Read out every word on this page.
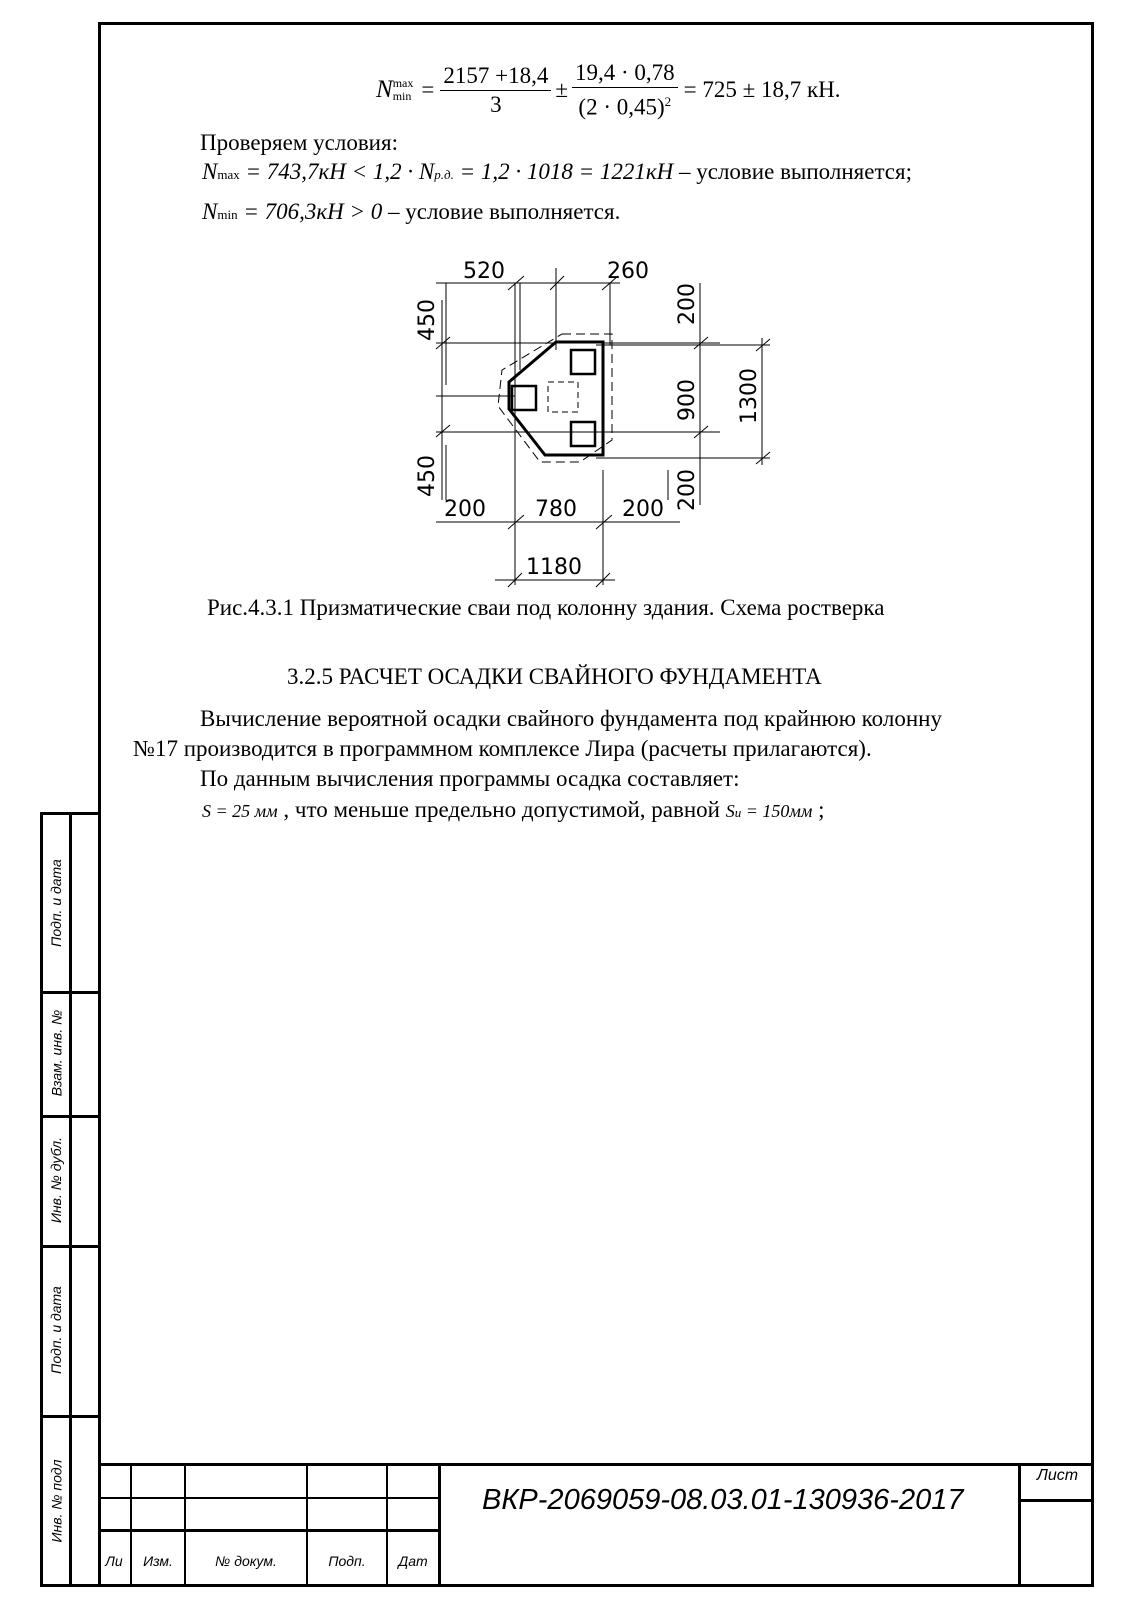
Подп. и дата
Взам. инв. №
Инв. № дубл.
Подп. и дата
Инв. № подл
N max
$\min = \frac{2157 +18,4}{3} \pm \frac{19,4 \cdot 0,78}{(2 \cdot 0,45)^2} = 725 \pm 18,7$ кН.
Проверяем условия:
Nmax = 743,7кН < 1,2 · Nр.д. = 1,2 · 1018 = 1221кН – условие выполняется;
Nmin = 706,3кН > 0 – условие выполняется.
520	260
450
450
200
900 1300
200
200 780 200
1180
Рис.4.3.1 Призматические сваи под колонну здания. Схема ростверка
3.2.5 РАСЧЕТ ОСАДКИ СВАЙНОГО ФУНДАМЕНТА
Вычисление вероятной осадки свайного фундамента под крайнюю колонну
№17 производится в программном комплексе Лира (расчеты прилагаются).
По данным вычисления программы осадка составляет:
S = 25 мм , что меньше предельно допустимой, равной Su = 150мм ;
Ли	Изм.	№ докум.	Подп.	Дат
ВКР-2069059-08.03.01-130936-2017
Лист
